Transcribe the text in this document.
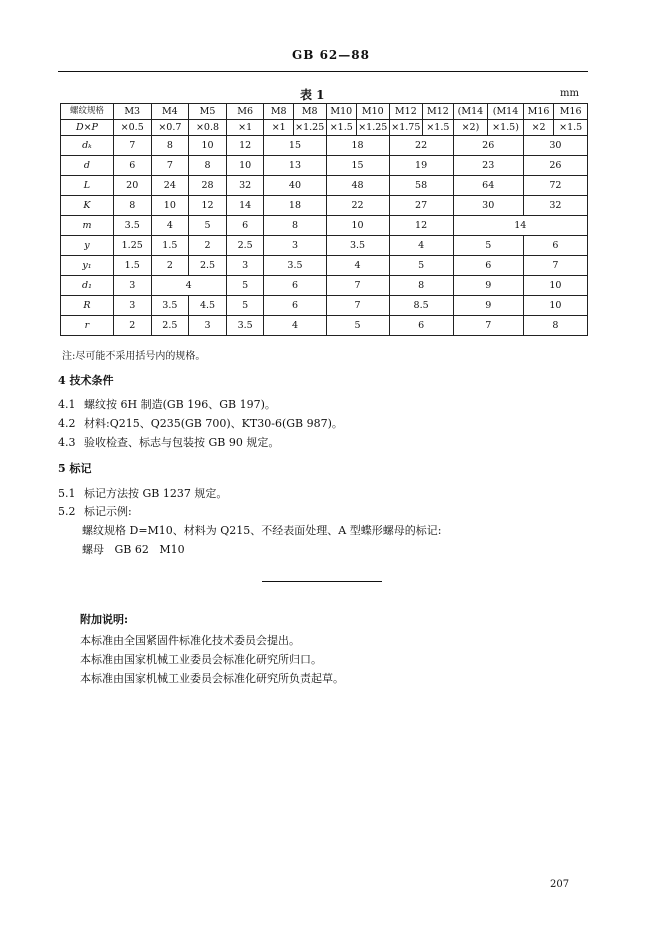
GB 62—88
表 1	mm
螺纹规格	M3	M4	M5	M6	M8	M8	M10	M10	M12	M12	(M14	(M14	M16	M16
D×P	×0.5	×0.7	×0.8	×1	×1	×1.25	×1.5	×1.25	×1.75	×1.5	×2)	×1.5)	×2	×1.5
dₖ	7	8	10	12	15		18		22		26		30	
d	6	7	8	10	13		15		19		23		26	
L	20	24	28	32	40		48		58		64		72	
K	8	10	12	14	18		22		27		30		32	
m	3.5	4	5	6	8		10		12		14			
y	1.25	1.5	2	2.5	3		3.5		4		5		6	
y₁	1.5	2	2.5	3	3.5		4		5		6		7	
d₁	3	4		5	6		7		8		9		10	
R	3	3.5	4.5	5	6		7		8.5		9		10	
r	2	2.5	3	3.5	4		5		6		7		8	
注:尽可能不采用括号内的规格。
4 技术条件
4.1 螺纹按 6H 制造(GB 196、GB 197)。
4.2 材料:Q215、Q235(GB 700)、KT30-6(GB 987)。
4.3 验收检查、标志与包装按 GB 90 规定。
5 标记
5.1 标记方法按 GB 1237 规定。
5.2 标记示例:
螺纹规格 D=M10、材料为 Q215、不经表面处理、A 型蝶形螺母的标记:
螺母   GB 62   M10
附加说明:
本标准由全国紧固件标准化技术委员会提出。
本标准由国家机械工业委员会标准化研究所归口。
本标准由国家机械工业委员会标准化研究所负责起草。
207
